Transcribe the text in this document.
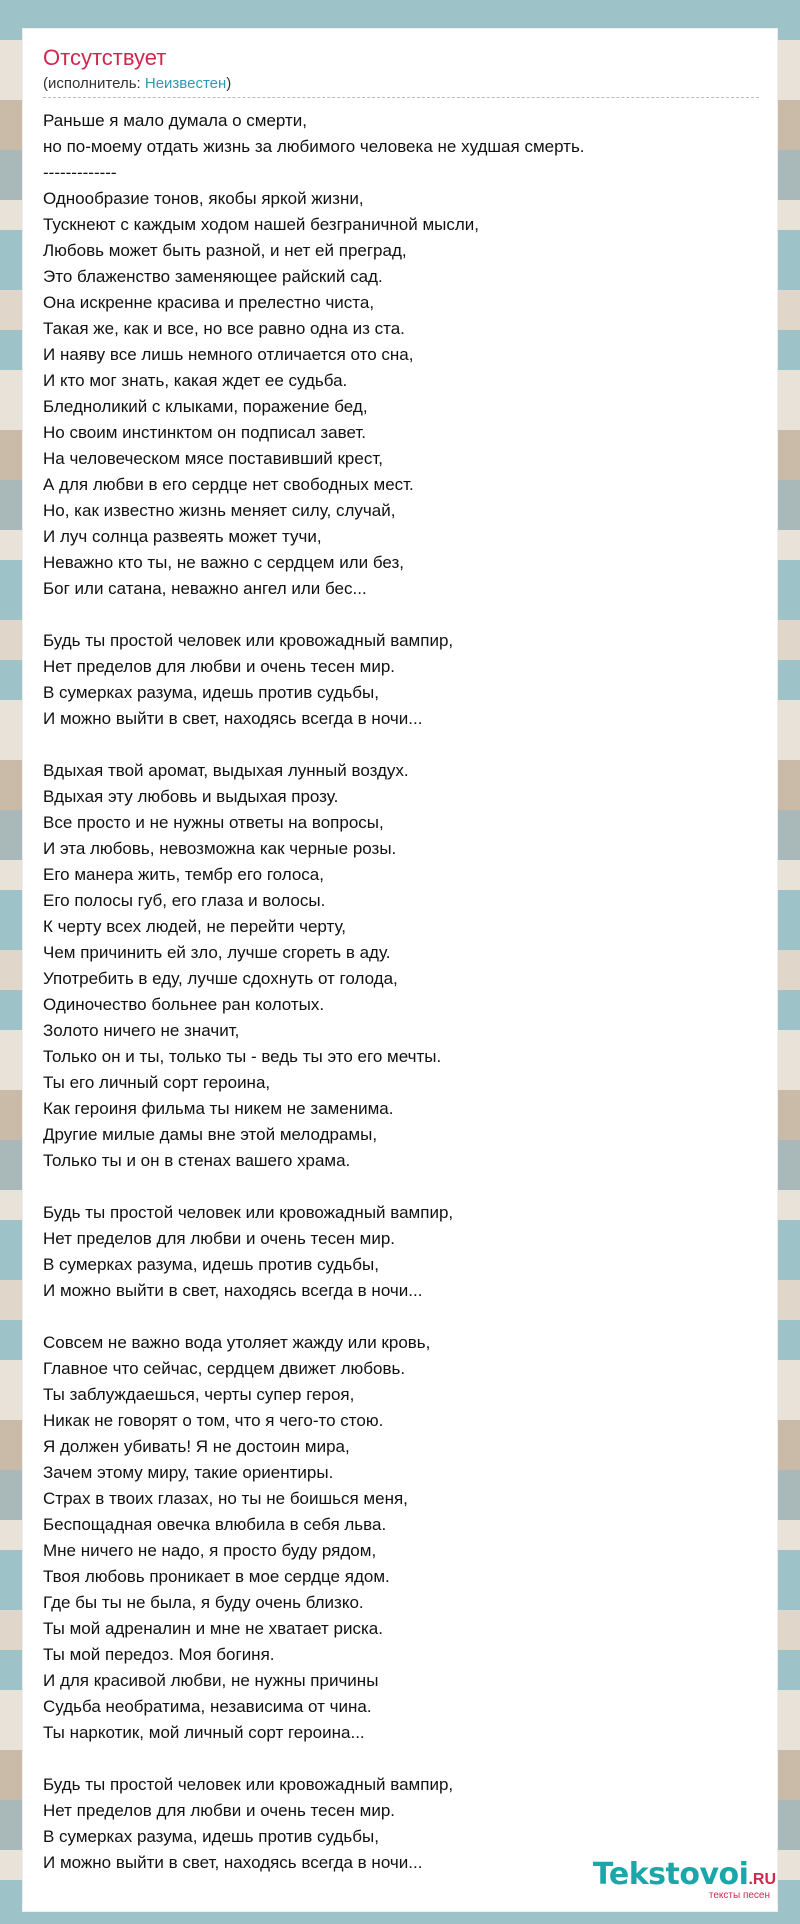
Отсутствует
(исполнитель: Неизвестен)
Раньше я мало думала о смерти,
но по-моему отдать жизнь за любимого человека не худшая смерть.
-------------
Однообразие тонов, якобы яркой жизни,
Тускнеют с каждым ходом нашей безграничной мысли,
Любовь может быть разной, и нет ей преград,
Это блаженство заменяющее райский сад.
Она искренне красива и прелестно чиста,
Такая же, как и все, но все равно одна из ста.
И наяву все лишь немного отличается ото сна,
И кто мог знать, какая ждет ее судьба.
Бледноликий с клыками, поражение бед,
Но своим инстинктом он подписал завет.
На человеческом мясе поставивший крест,
А для любви в его сердце нет свободных мест.
Но, как известно жизнь меняет силу, случай,
И луч солнца развеять может тучи,
Неважно кто ты, не важно с сердцем или без,
Бог или сатана, неважно ангел или бес...
Будь ты простой человек или кровожадный вампир,
Нет пределов для любви и очень тесен мир.
В сумерках разума, идешь против судьбы,
И можно выйти в свет, находясь всегда в ночи...
Вдыхая твой аромат, выдыхая лунный воздух.
Вдыхая эту любовь и выдыхая прозу.
Все просто и не нужны ответы на вопросы,
И эта любовь, невозможна как черные розы.
Его манера жить, тембр его голоса,
Его полосы губ, его глаза и волосы.
К черту всех людей, не перейти черту,
Чем причинить ей зло, лучше сгореть в аду.
Употребить в еду, лучше сдохнуть от голода,
Одиночество больнее ран колотых.
Золото ничего не значит,
Только он и ты, только ты - ведь ты это его мечты.
Ты его личный сорт героина,
Как героиня фильма ты никем не заменима.
Другие милые дамы вне этой мелодрамы,
Только ты и он в стенах вашего храма.
Будь ты простой человек или кровожадный вампир,
Нет пределов для любви и очень тесен мир.
В сумерках разума, идешь против судьбы,
И можно выйти в свет, находясь всегда в ночи...
Совсем не важно вода утоляет жажду или кровь,
Главное что сейчас, сердцем движет любовь.
Ты заблуждаешься, черты супер героя,
Никак не говорят о том, что я чего-то стою.
Я должен убивать! Я не достоин мира,
Зачем этому миру, такие ориентиры.
Страх в твоих глазах, но ты не боишься меня,
Беспощадная овечка влюбила в себя льва.
Мне ничего не надо, я просто буду рядом,
Твоя любовь проникает в мое сердце ядом.
Где бы ты не была, я буду очень близко.
Ты мой адреналин и мне не хватает риска.
Ты мой передоз. Моя богиня.
И для красивой любви, не нужны причины
Судьба необратима, независима от чина.
Ты наркотик, мой личный сорт героина...
Будь ты простой человек или кровожадный вампир,
Нет пределов для любви и очень тесен мир.
В сумерках разума, идешь против судьбы,
И можно выйти в свет, находясь всегда в ночи...	Tekstovoi.RU
тексты песен
